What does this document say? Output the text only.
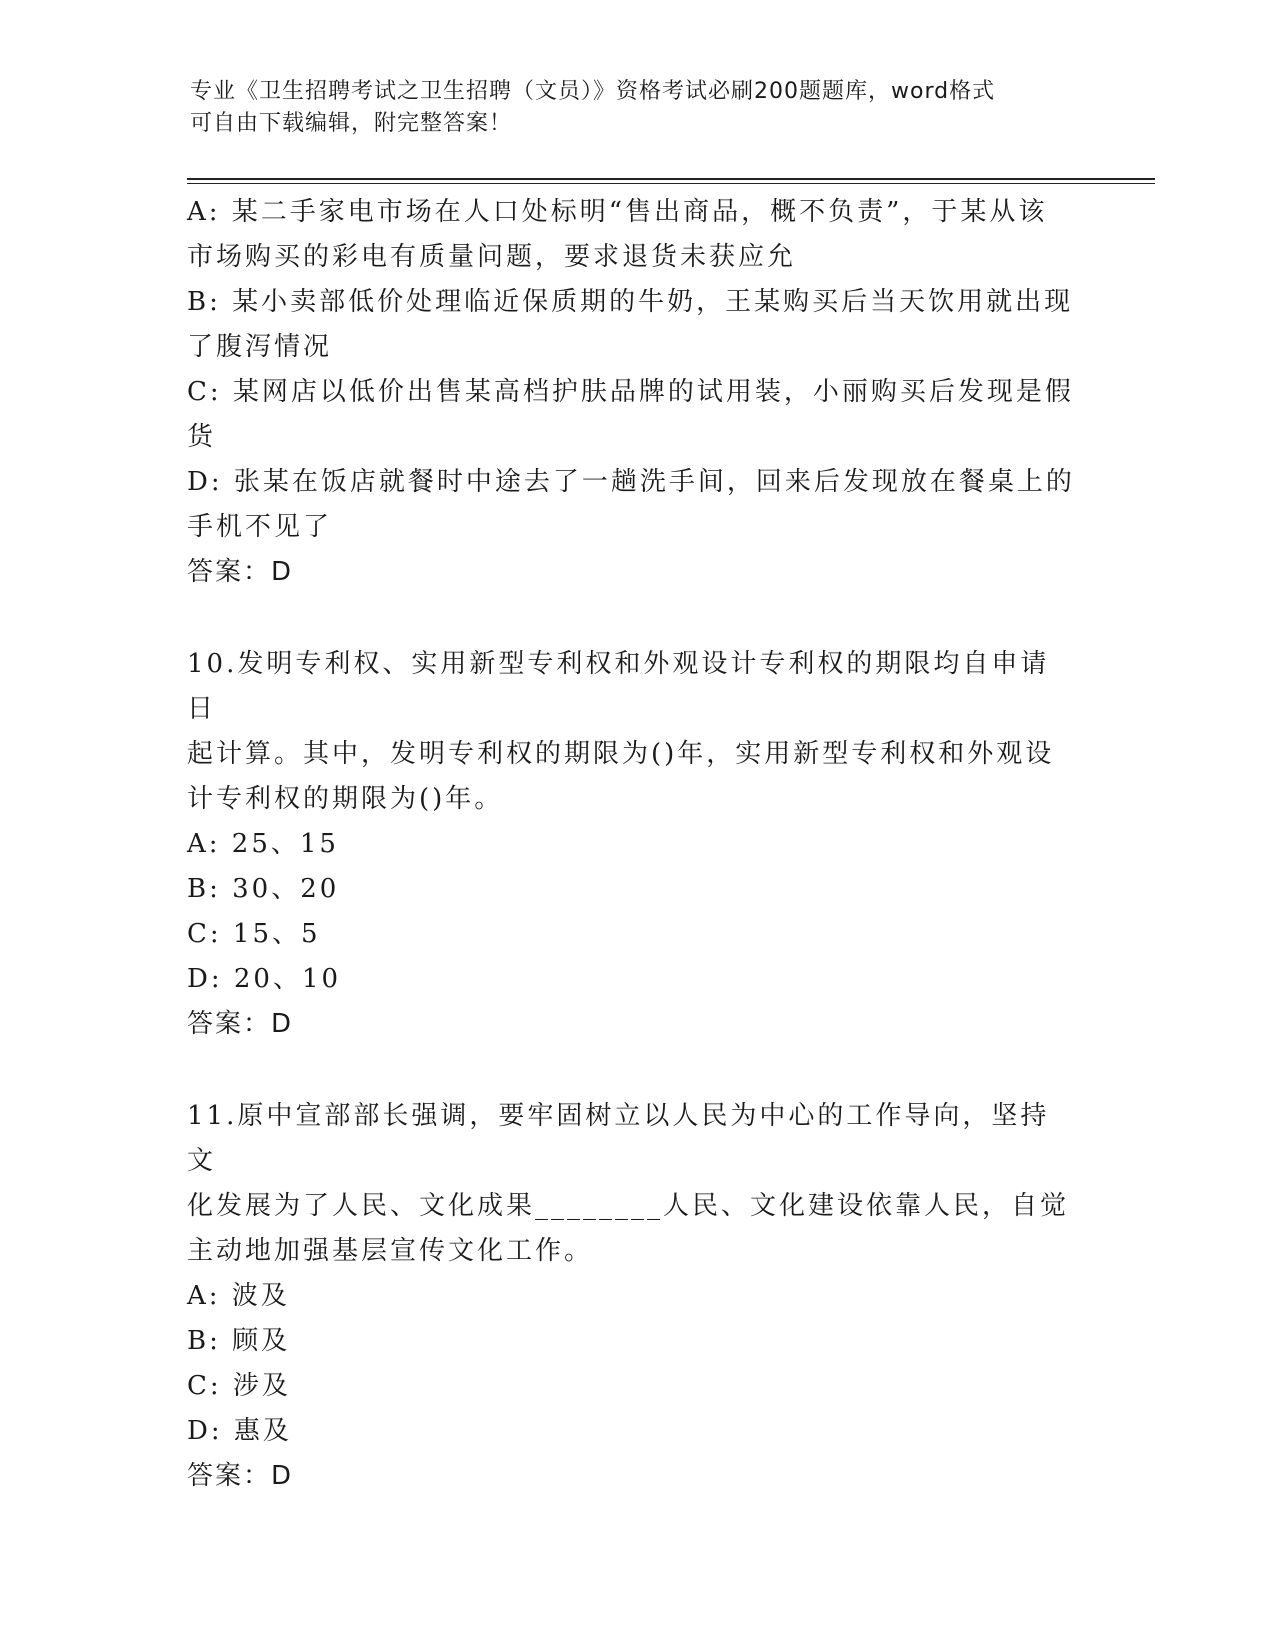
专业《卫生招聘考试之卫生招聘（文员）》资格考试必刷200题题库，word格式
可自由下载编辑，附完整答案！

A: 某二手家电市场在人口处标明“售出商品，概不负责”，于某从该

市场购买的彩电有质量问题，要求退货未获应允

B: 某小卖部低价处理临近保质期的牛奶，王某购买后当天饮用就出现

了腹泻情况

C: 某网店以低价出售某高档护肤品牌的试用装，小丽购买后发现是假

货

D: 张某在饭店就餐时中途去了一趟洗手间，回来后发现放在餐桌上的

手机不见了

答案：D

10.发明专利权、实用新型专利权和外观设计专利权的期限均自申请日

起计算。其中，发明专利权的期限为()年，实用新型专利权和外观设

计专利权的期限为()年。

A: 25、15

B: 30、20

C: 15、5

D: 20、10

答案：D

11.原中宣部部长强调，要牢固树立以人民为中心的工作导向，坚持文

化发展为了人民、文化成果________人民、文化建设依靠人民，自觉

主动地加强基层宣传文化工作。

A: 波及

B: 顾及

C: 涉及

D: 惠及

答案：D
